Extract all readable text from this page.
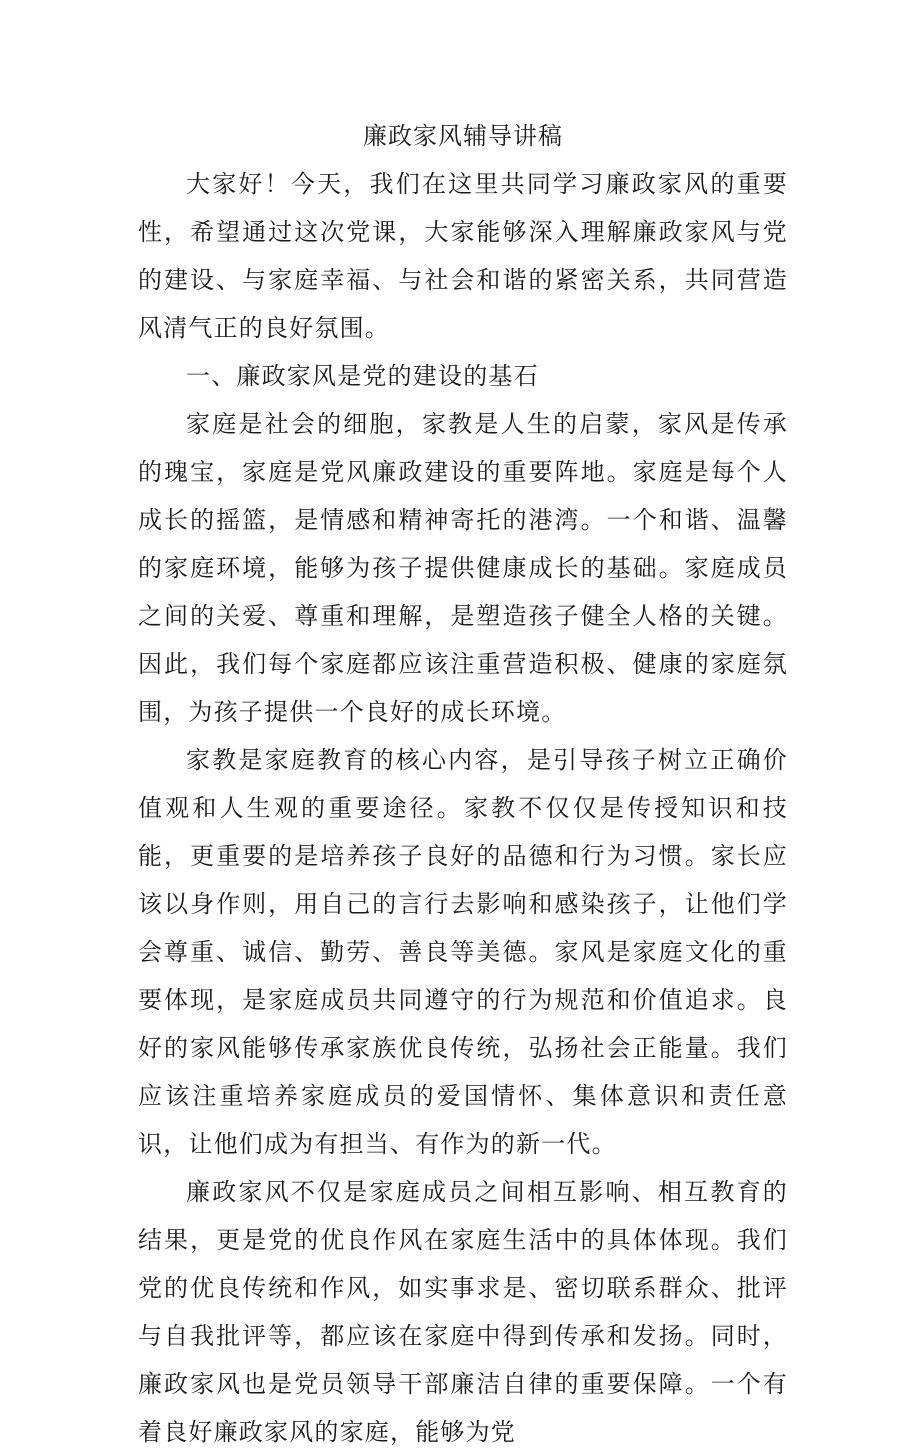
廉政家风辅导讲稿

大家好！今天，我们在这里共同学习廉政家风的重要性，希望通过这次党课，大家能够深入理解廉政家风与党的建设、与家庭幸福、与社会和谐的紧密关系，共同营造风清气正的良好氛围。

一、廉政家风是党的建设的基石

家庭是社会的细胞，家教是人生的启蒙，家风是传承的瑰宝，家庭是党风廉政建设的重要阵地。家庭是每个人成长的摇篮，是情感和精神寄托的港湾。一个和谐、温馨的家庭环境，能够为孩子提供健康成长的基础。家庭成员之间的关爱、尊重和理解，是塑造孩子健全人格的关键。因此，我们每个家庭都应该注重营造积极、健康的家庭氛围，为孩子提供一个良好的成长环境。

家教是家庭教育的核心内容，是引导孩子树立正确价值观和人生观的重要途径。家教不仅仅是传授知识和技能，更重要的是培养孩子良好的品德和行为习惯。家长应该以身作则，用自己的言行去影响和感染孩子，让他们学会尊重、诚信、勤劳、善良等美德。家风是家庭文化的重要体现，是家庭成员共同遵守的行为规范和价值追求。良好的家风能够传承家族优良传统，弘扬社会正能量。我们应该注重培养家庭成员的爱国情怀、集体意识和责任意识，让他们成为有担当、有作为的新一代。

廉政家风不仅是家庭成员之间相互影响、相互教育的结果，更是党的优良作风在家庭生活中的具体体现。我们党的优良传统和作风，如实事求是、密切联系群众、批评与自我批评等，都应该在家庭中得到传承和发扬。同时，廉政家风也是党员领导干部廉洁自律的重要保障。一个有着良好廉政家风的家庭，能够为党
